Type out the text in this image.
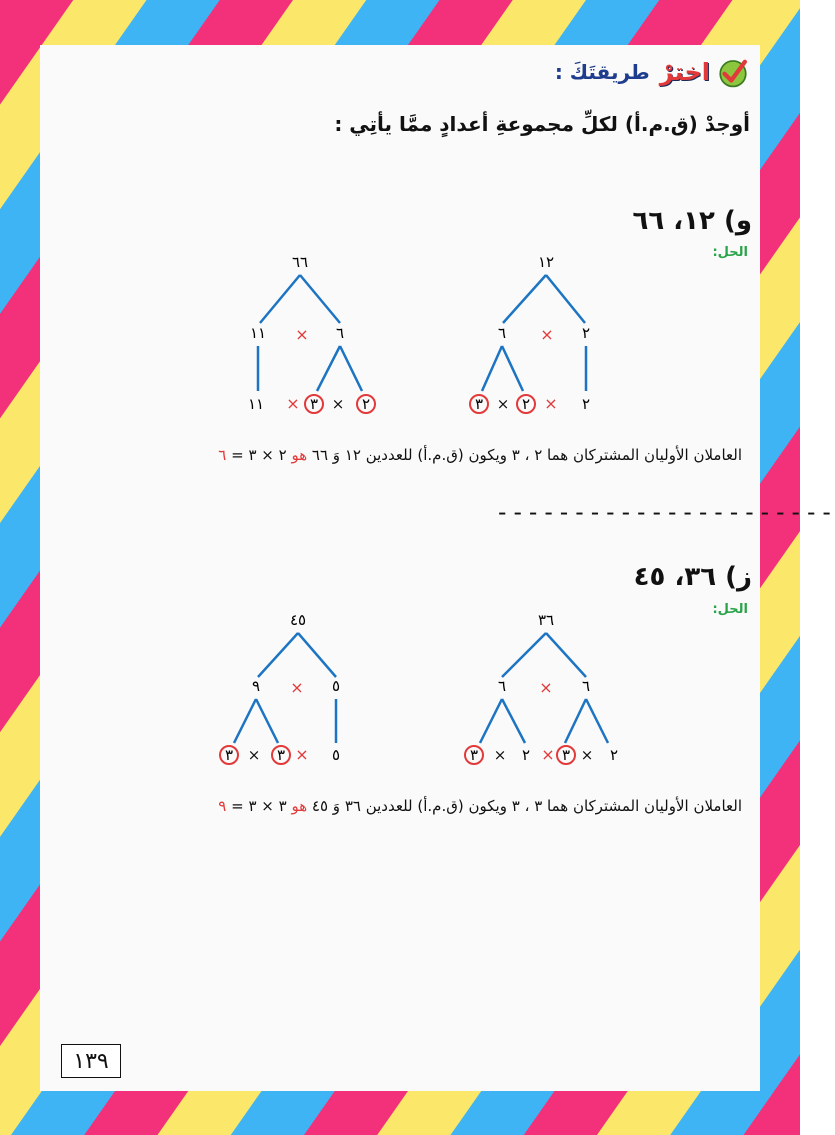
اخترْ
طريقتَكَ :
أوجدْ (ق.م.أ) لكلِّ مجموعةِ أعدادٍ ممَّا يأتِي :
و) ١٢، ٦٦
الحل:
١٢
٦ × ٢
٣ × ٢ × ٢
٦٦
١١ × ٦
١١ × ٣ × ٢
العاملان الأوليان المشتركان هما ٢ ، ٣ ويكون (ق.م.أ) للعددين ١٢ وَ ٦٦ هو ٢ × ٣ = ٦
----------------------
ز) ٣٦، ٤٥
الحل:
٣٦
٦ × ٦
٣ × ٢ × ٣ × ٢
٤٥
٩ × ٥
٣ × ٣ × ٥
العاملان الأوليان المشتركان هما ٣ ، ٣ ويكون (ق.م.أ) للعددين ٣٦ وَ ٤٥ هو ٣ × ٣ = ٩
١٣٩
